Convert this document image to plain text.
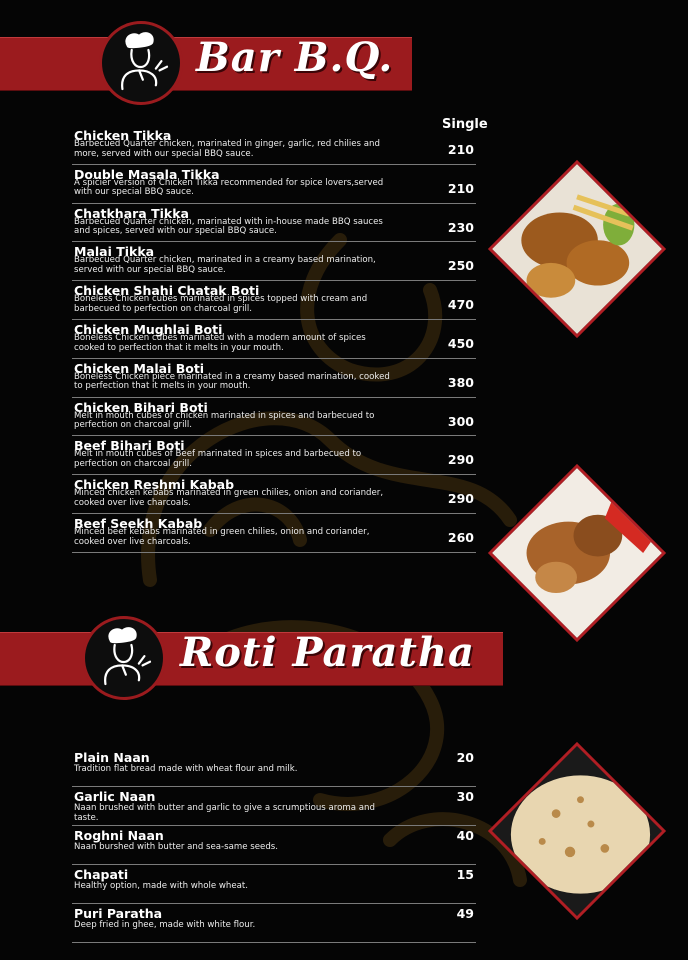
Bar B.Q.
Single
Chicken Tikka
Barbecued Quarter chicken, marinated in ginger, garlic, red chilies and more, served with our special BBQ sauce.	210
Double Masala Tikka
A spicier version of Chicken Tikka recommended for spice lovers,served with our special BBQ sauce.	210
Chatkhara Tikka
Barbecued Quarter chicken, marinated with in-house made BBQ sauces and spices, served with our special BBQ sauce.	230
Malai Tikka
Barbecued Quarter chicken, marinated in a creamy based marination, served with our special BBQ sauce.	250
Chicken Shahi Chatak Boti
Boneless Chicken cubes marinated in spices topped with cream and barbecued to perfection on charcoal grill.	470
Chicken Mughlai Boti
Boneless Chicken cubes marinated with a modern amount of spices cooked to perfection that it melts in your mouth.	450
Chicken Malai Boti
Boneless Chicken piece marinated in a creamy based marination, cooked to perfection that it melts in your mouth.	380
Chicken Bihari Boti
Melt in mouth cubes of chicken marinated in spices and barbecued to perfection on charcoal grill.	300
Beef Bihari Boti
Melt in mouth cubes of Beef marinated in spices and barbecued to perfection on charcoal grill.	290
Chicken Reshmi Kabab
Minced chicken kebabs marinated in green chilies, onion and coriander, cooked over live charcoals.	290
Beef Seekh Kabab
Minced beef kebabs marinated in green chilies, onion and coriander, cooked over live charcoals.	260
Roti Paratha
Plain Naan
Tradition flat bread made with wheat flour and milk.
20
Garlic Naan
Naan brushed with butter and garlic to give a scrumptious aroma and taste.
30
Roghni Naan
Naan burshed with butter and sea-same seeds.
40
Chapati
Healthy option, made with whole wheat.
15
Puri Paratha
Deep fried in ghee, made with white flour.
49
